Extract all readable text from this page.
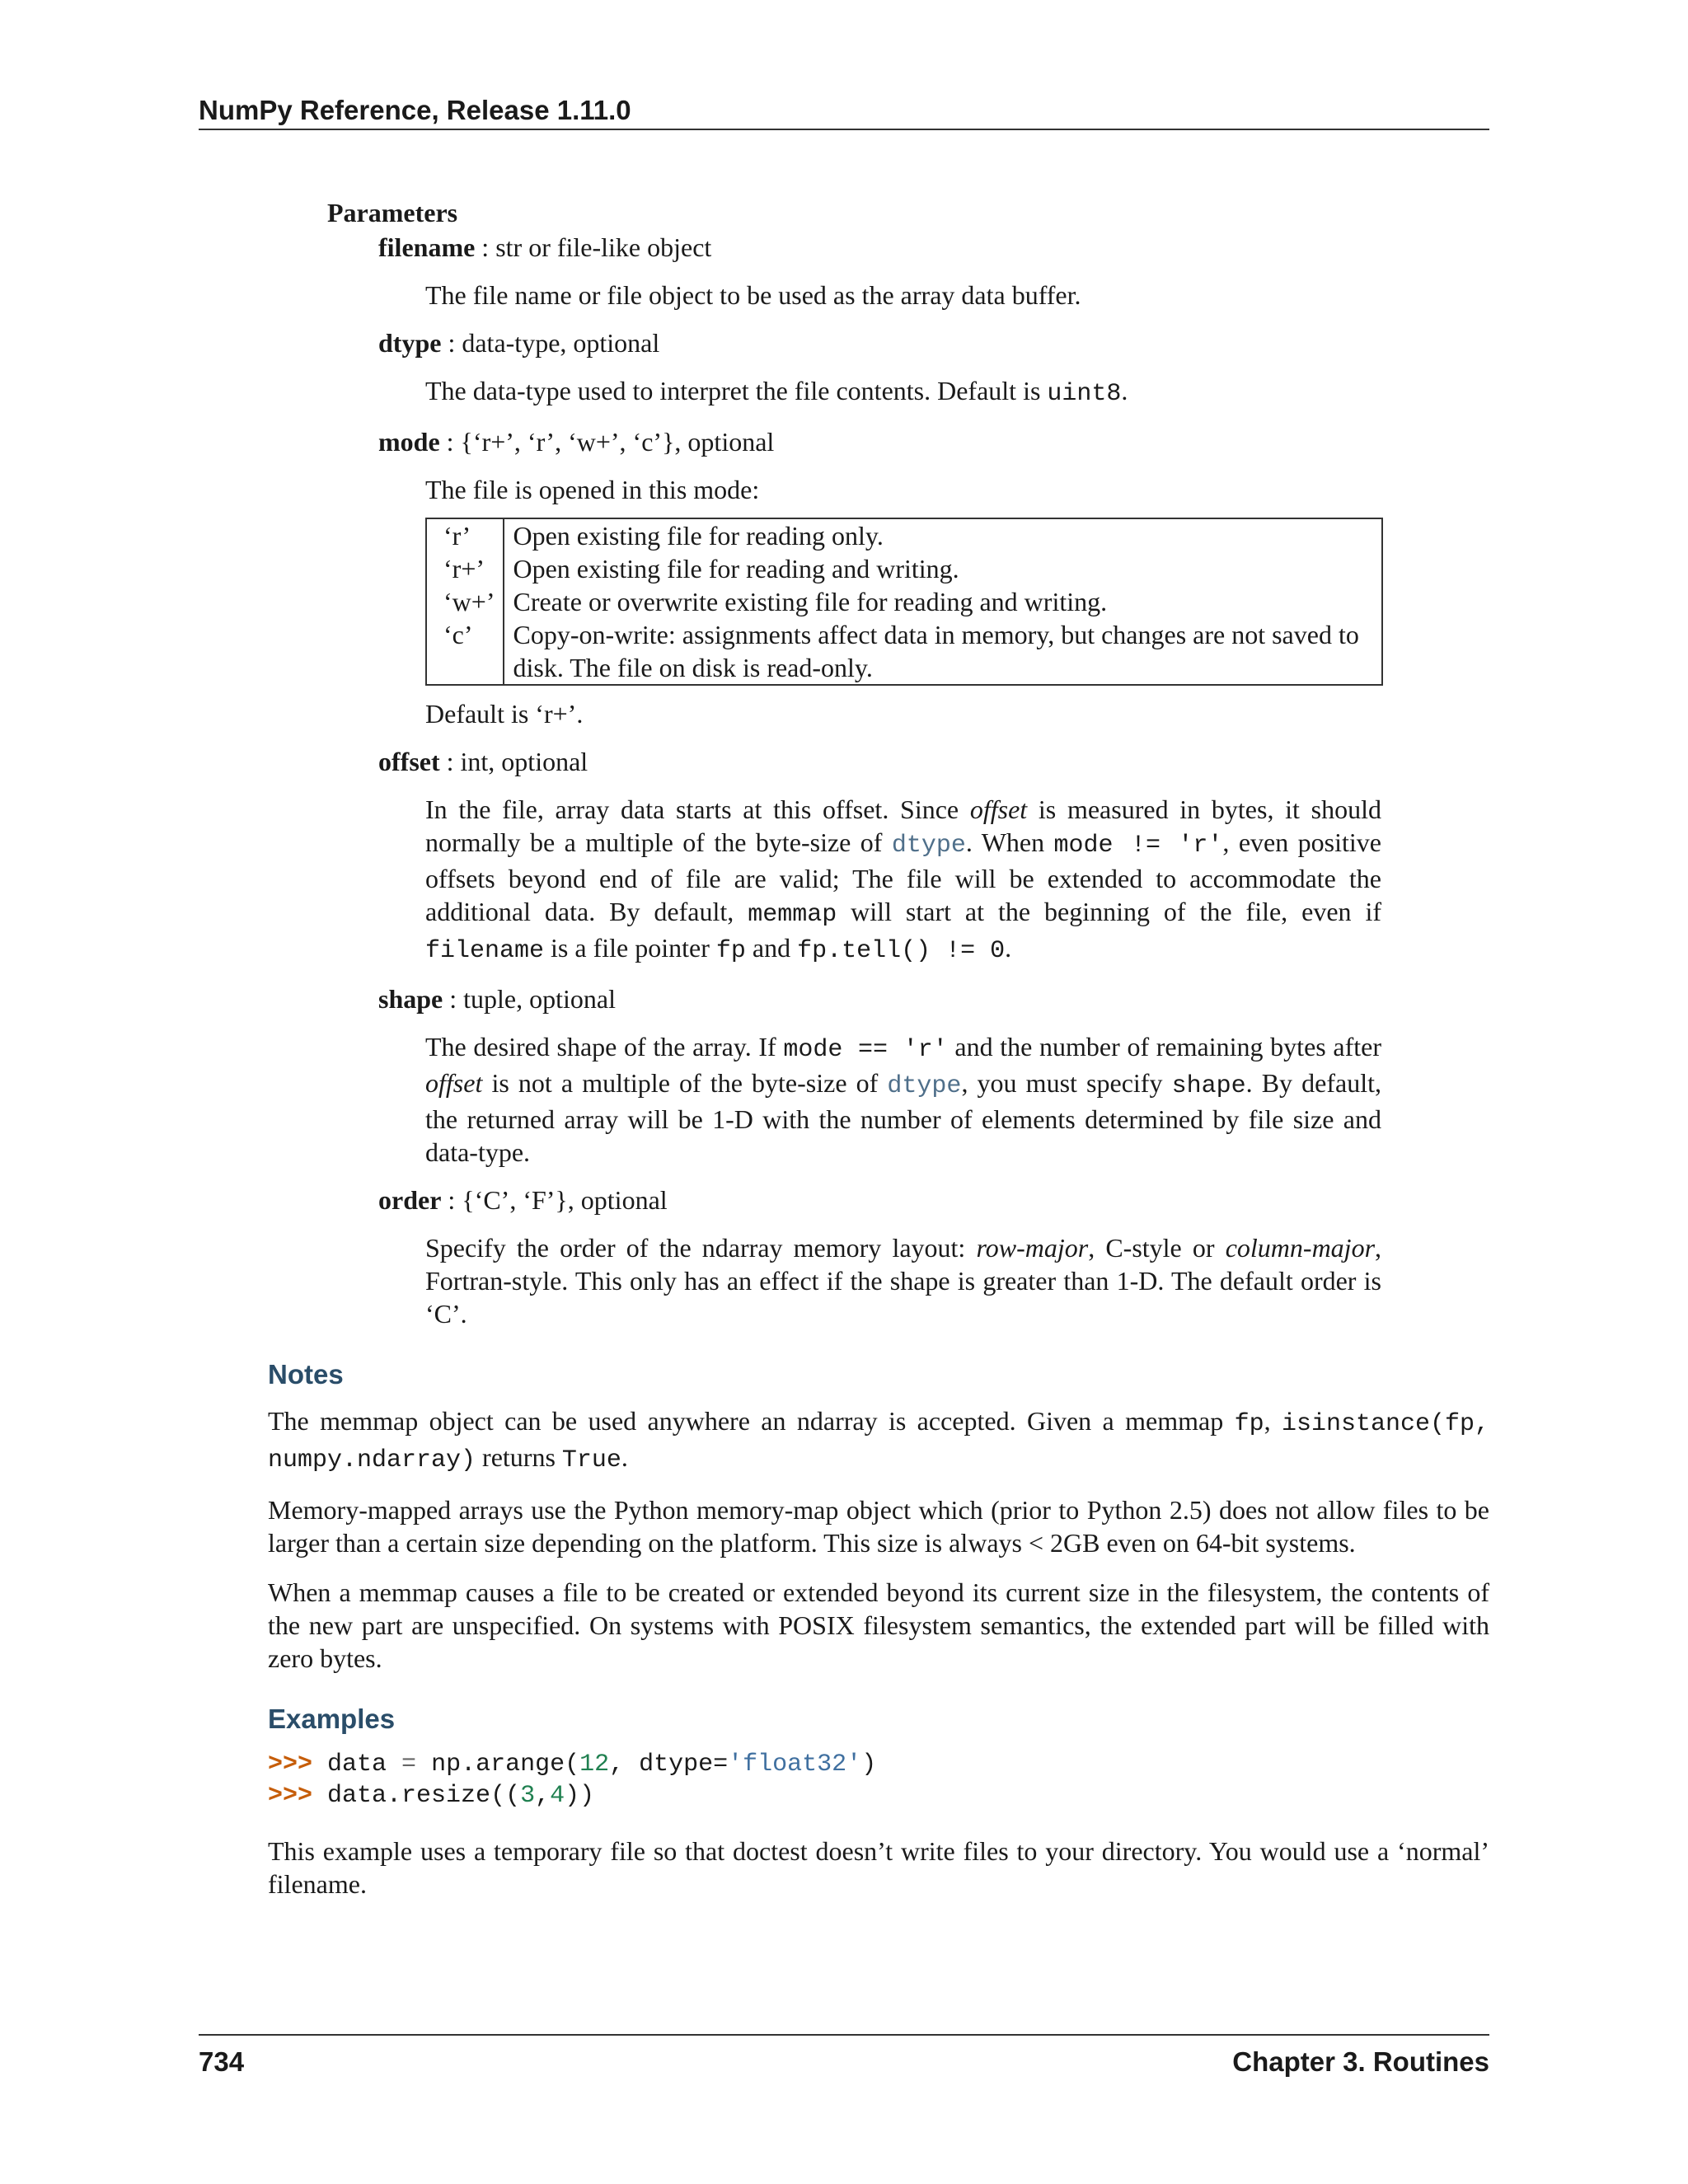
NumPy Reference, Release 1.11.0
Parameters
filename : str or file-like object
The file name or file object to be used as the array data buffer.
dtype : data-type, optional
The data-type used to interpret the file contents. Default is uint8.
mode : {‘r+’, ‘r’, ‘w+’, ‘c’}, optional
The file is opened in this mode:
‘r’	Open existing file for reading only.
‘r+’	Open existing file for reading and writing.
‘w+’	Create or overwrite existing file for reading and writing.
‘c’	Copy-on-write: assignments affect data in memory, but changes are not saved to disk. The file on disk is read-only.
Default is ‘r+’.
offset : int, optional
In the file, array data starts at this offset. Since offset is measured in bytes, it should normally be a multiple of the byte-size of dtype. When mode != 'r', even positive offsets beyond end of file are valid; The file will be extended to accommodate the additional data. By default, memmap will start at the beginning of the file, even if filename is a file pointer fp and fp.tell() != 0.
shape : tuple, optional
The desired shape of the array. If mode == 'r' and the number of remaining bytes after offset is not a multiple of the byte-size of dtype, you must specify shape. By default, the returned array will be 1-D with the number of elements determined by file size and data-type.
order : {‘C’, ‘F’}, optional
Specify the order of the ndarray memory layout: row-major, C-style or column-major, Fortran-style. This only has an effect if the shape is greater than 1-D. The default order is ‘C’.
Notes
The memmap object can be used anywhere an ndarray is accepted. Given a memmap fp, isinstance(fp, numpy.ndarray) returns True.
Memory-mapped arrays use the Python memory-map object which (prior to Python 2.5) does not allow files to be larger than a certain size depending on the platform. This size is always < 2GB even on 64-bit systems.
When a memmap causes a file to be created or extended beyond its current size in the filesystem, the contents of the new part are unspecified. On systems with POSIX filesystem semantics, the extended part will be filled with zero bytes.
Examples
>>> data = np.arange(12, dtype='float32')
>>> data.resize((3,4))
This example uses a temporary file so that doctest doesn’t write files to your directory. You would use a ‘normal’ filename.
734	Chapter 3. Routines
